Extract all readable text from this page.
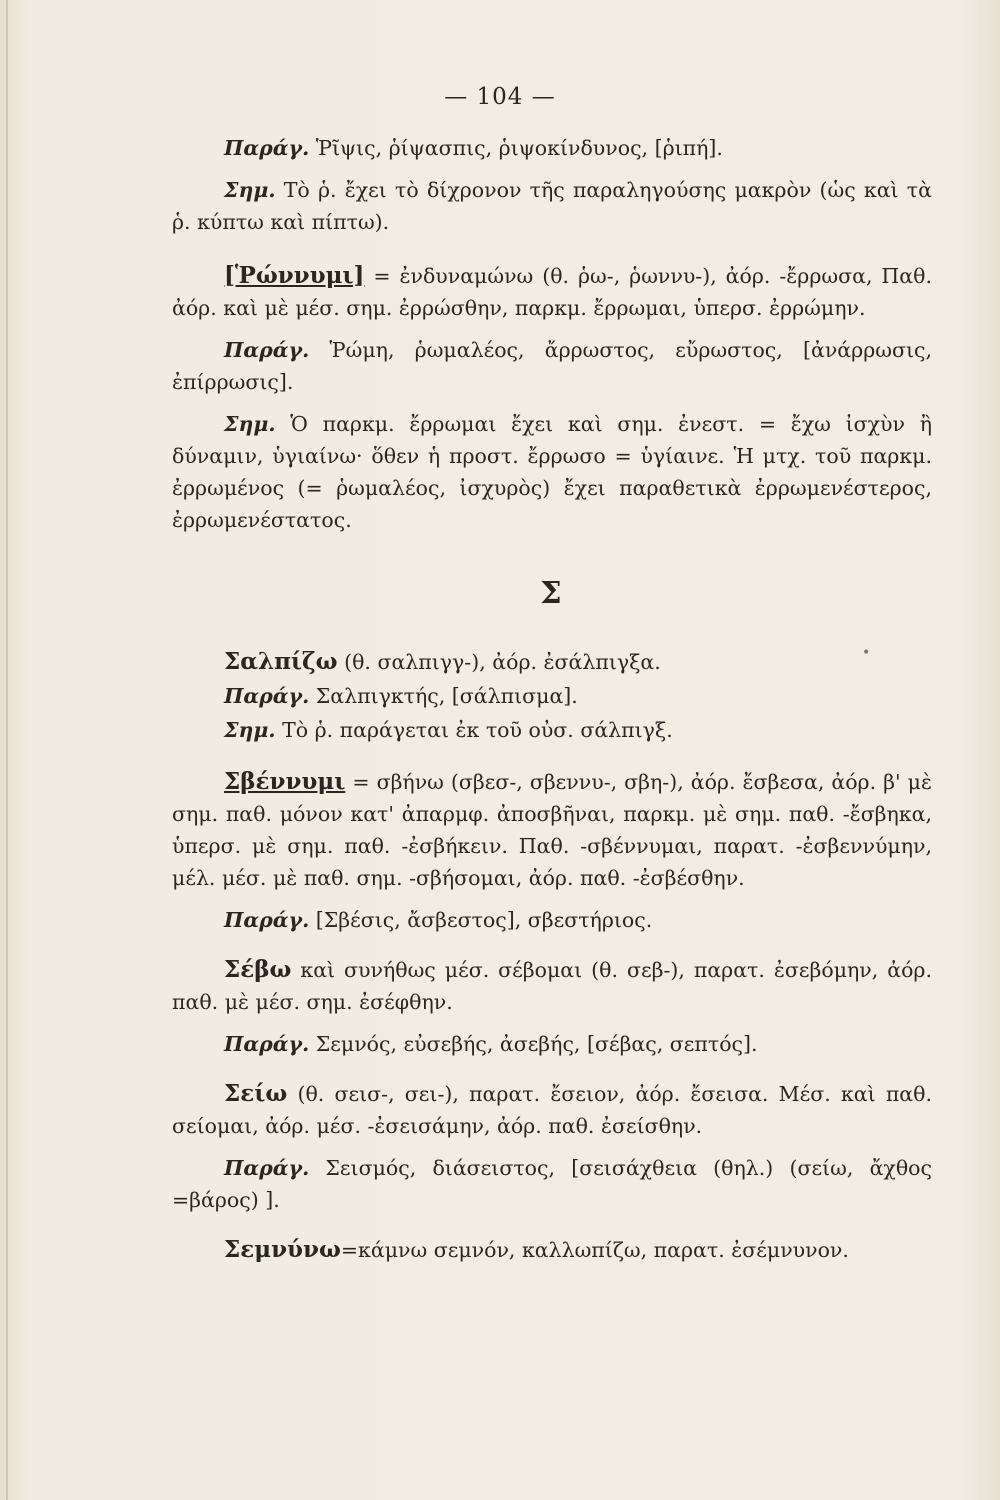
— 104 —

Παράγ. Ῥῖψις, ῥίψασπις, ῥιψοκίνδυνος, [ῥιπή].

Σημ. Τὸ ῥ. ἔχει τὸ δίχρονον τῆς παραληγούσης μακρὸν (ὡς καὶ τὰ ῥ. κύπτω καὶ πίπτω).

[Ῥώννυμι] = ἐνδυναμώνω (θ. ῥω-, ῥωννυ-), ἀόρ. -ἔρρωσα, Παθ. ἀόρ. καὶ μὲ μέσ. σημ. ἐρρώσθην, παρκμ. ἔρρωμαι, ὑπερσ. ἐρρώμην.

Παράγ. Ῥώμη, ῥωμαλέος, ἄρρωστος, εὔρωστος, [ἀνάρρωσις, ἐπίρρωσις].

Σημ. Ὁ παρκμ. ἔρρωμαι ἔχει καὶ σημ. ἐνεστ. = ἔχω ἰσχὺν ἢ δύναμιν, ὑγιαίνω· ὅθεν ἡ προστ. ἔρρωσο = ὑγίαινε. Ἡ μτχ. τοῦ παρκμ. ἐρρωμένος (= ῥωμαλέος, ἰσχυρὸς) ἔχει παραθετικὰ ἐρρωμενέστερος, ἐρρωμενέστατος.

Σ

Σαλπίζω (θ. σαλπιγγ-), ἀόρ. ἐσάλπιγξα.

Παράγ. Σαλπιγκτής, [σάλπισμα].

Σημ. Τὸ ῥ. παράγεται ἐκ τοῦ οὐσ. σάλπιγξ.

Σβέννυμι = σβήνω (σβεσ-, σβεννυ-, σβη-), ἀόρ. ἔσβεσα, ἀόρ. β' μὲ σημ. παθ. μόνον κατ' ἀπαρμφ. ἀποσβῆναι, παρκμ. μὲ σημ. παθ. -ἔσβηκα, ὑπερσ. μὲ σημ. παθ. -ἐσβήκειν. Παθ. -σβέννυμαι, παρατ. -ἐσβεννύμην, μέλ. μέσ. μὲ παθ. σημ. -σβήσομαι, ἀόρ. παθ. -ἐσβέσθην.

Παράγ. [Σβέσις, ἄσβεστος], σβεστήριος.

Σέβω καὶ συνήθως μέσ. σέβομαι (θ. σεβ-), παρατ. ἐσεβόμην, ἀόρ. παθ. μὲ μέσ. σημ. ἐσέφθην.

Παράγ. Σεμνός, εὐσεβής, ἀσεβής, [σέβας, σεπτός].

Σείω (θ. σεισ-, σει-), παρατ. ἔσειον, ἀόρ. ἔσεισα. Μέσ. καὶ παθ. σείομαι, ἀόρ. μέσ. -ἐσεισάμην, ἀόρ. παθ. ἐσείσθην.

Παράγ. Σεισμός, διάσειστος, [σεισάχθεια (θηλ.) (σείω, ἄχθος =βάρος) ].

Σεμνύνω=κάμνω σεμνόν, καλλωπίζω, παρατ. ἐσέμνυνον.

•
